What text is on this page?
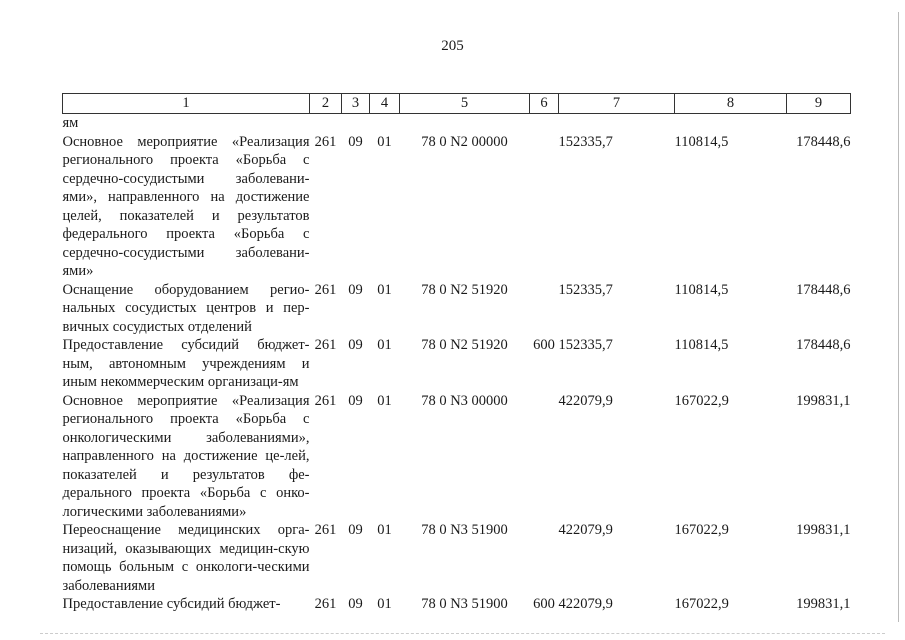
205
1	2	3	4	5	6	7	8	9
ям								

Основное мероприятие «Реализация регионального проекта «Борьба с сердечно-сосудистыми заболевани-ями», направленного на достижение целей, показателей и результатов федерального проекта «Борьба с сердечно-сосудистыми заболевани-ями»	261	09	01	78 0 N2 00000		152335,7	110814,5	178448,6

Оснащение оборудованием регио-нальных сосудистых центров и пер-вичных сосудистых отделений	261	09	01	78 0 N2 51920		152335,7	110814,5	178448,6

Предоставление субсидий бюджет-ным, автономным учреждениям и иным некоммерческим организаци-ям	261	09	01	78 0 N2 51920	600	152335,7	110814,5	178448,6

Основное мероприятие «Реализация регионального проекта «Борьба с онкологическими заболеваниями», направленного на достижение це-лей, показателей и результатов фе-дерального проекта «Борьба с онко-логическими заболеваниями»	261	09	01	78 0 N3 00000		422079,9	167022,9	199831,1

Переоснащение медицинских орга-низаций, оказывающих медицин-скую помощь больным с онкологи-ческими заболеваниями	261	09	01	78 0 N3 51900		422079,9	167022,9	199831,1

Предоставление субсидий бюджет-	261	09	01	78 0 N3 51900	600	422079,9	167022,9	199831,1
